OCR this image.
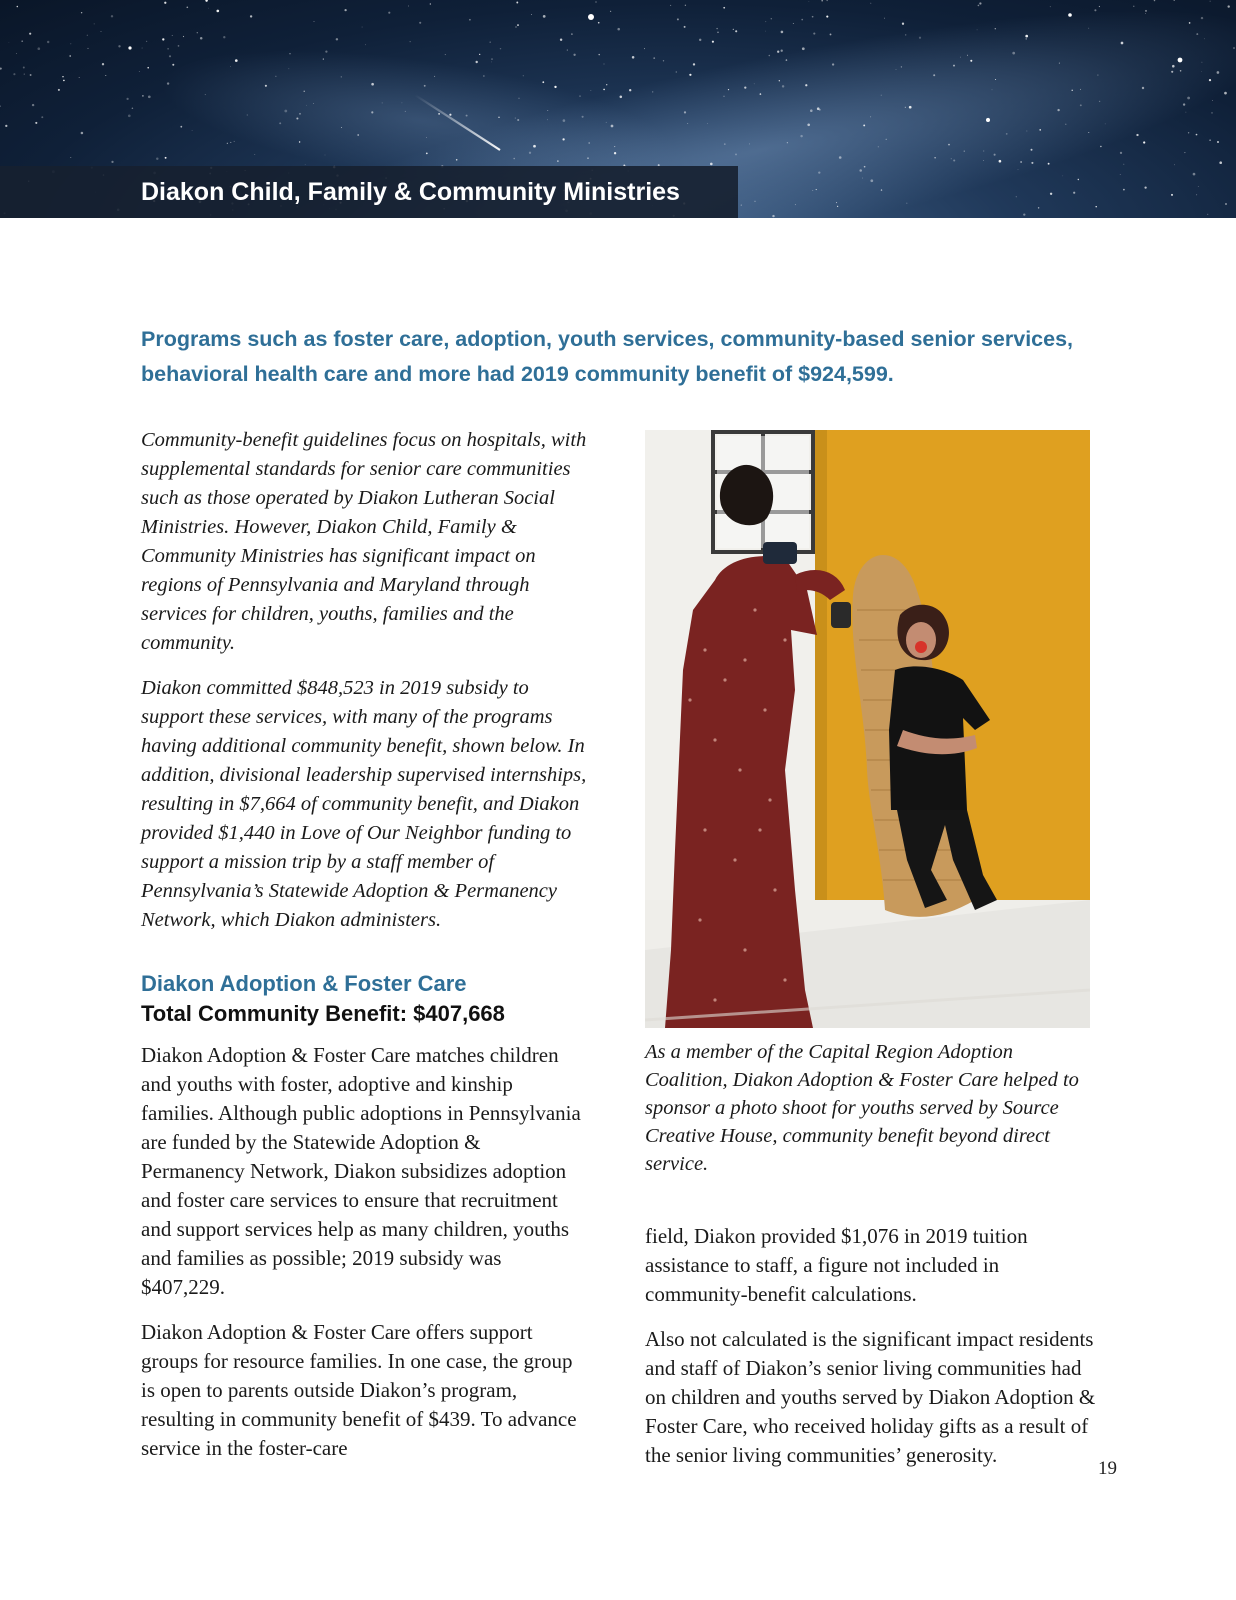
Diakon Child, Family & Community Ministries

Programs such as foster care, adoption, youth services, community-based senior services, behavioral health care and more had 2019 community benefit of $924,599.

Community-benefit guidelines focus on hospitals, with supplemental standards for senior care communities such as those operated by Diakon Lutheran Social Ministries. However, Diakon Child, Family & Community Ministries has significant impact on regions of Pennsylvania and Maryland through services for children, youths, families and the community.

Diakon committed $848,523 in 2019 subsidy to support these services, with many of the programs having additional community benefit, shown below. In addition, divisional leadership supervised internships, resulting in $7,664 of community benefit, and Diakon provided $1,440 in Love of Our Neighbor funding to support a mission trip by a staff member of Pennsylvania’s Statewide Adoption & Permanency Network, which Diakon administers.

Diakon Adoption & Foster Care
Total Community Benefit: $407,668

Diakon Adoption & Foster Care matches children and youths with foster, adoptive and kinship families. Although public adoptions in Pennsylvania are funded by the Statewide Adoption & Permanency Network, Diakon subsidizes adoption and foster care services to ensure that recruitment and support services help as many children, youths and families as possible; 2019 subsidy was $407,229.

Diakon Adoption & Foster Care offers support groups for resource families. In one case, the group is open to parents outside Diakon’s program, resulting in community benefit of $439. To advance service in the foster-care

As a member of the Capital Region Adoption Coalition, Diakon Adoption & Foster Care helped to sponsor a photo shoot for youths served by Source Creative House, community benefit beyond direct service.

field, Diakon provided $1,076 in 2019 tuition assistance to staff, a figure not included in community-benefit calculations.

Also not calculated is the significant impact residents and staff of Diakon’s senior living communities had on children and youths served by Diakon Adoption & Foster Care, who received holiday gifts as a result of the senior living communities’ generosity.

19
